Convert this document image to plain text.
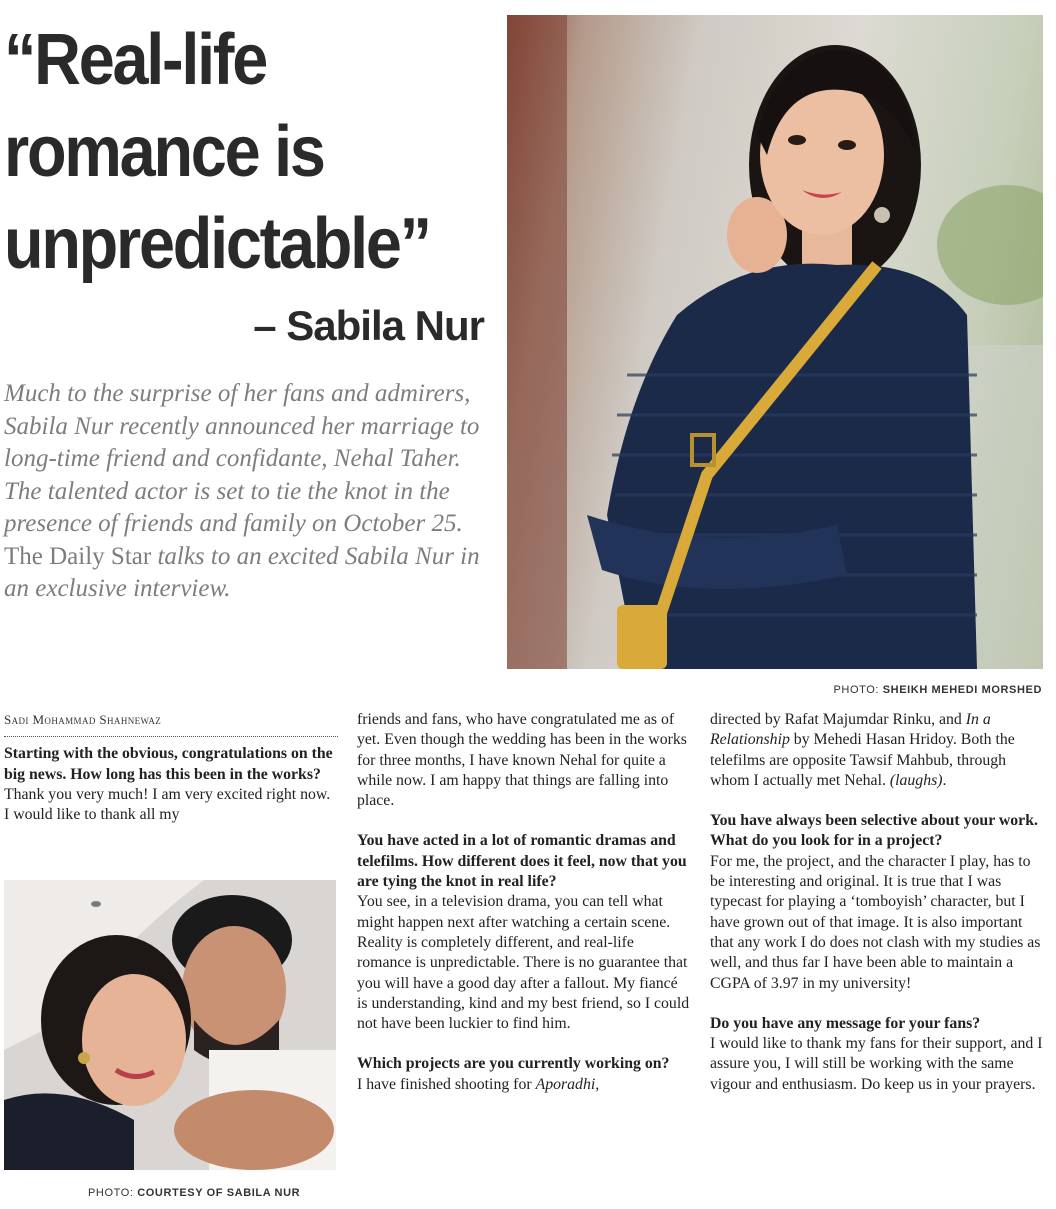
“Real-life
romance is
unpredictable”
– Sabila Nur

Much to the surprise of her fans and admirers, Sabila Nur recently announced her marriage to long-time friend and confidante, Nehal Taher. The talented actor is set to tie the knot in the presence of friends and family on October 25. The Daily Star talks to an excited Sabila Nur in an exclusive interview.

PHOTO: SHEIKH MEHEDI MORSHED
Sadi Mohammad Shahnewaz

Starting with the obvious, congratulations on the big news. How long has this been in the works?

Thank you very much! I am very excited right now. I would like to thank all my

PHOTO: COURTESY OF SABILA NUR

friends and fans, who have congratulated me as of yet. Even though the wedding has been in the works for three months, I have known Nehal for quite a while now. I am happy that things are falling into place.

You have acted in a lot of romantic dramas and telefilms. How different does it feel, now that you are tying the knot in real life?

You see, in a television drama, you can tell what might happen next after watching a certain scene. Reality is completely different, and real-life romance is unpredictable. There is no guarantee that you will have a good day after a fallout. My fiancé is understanding, kind and my best friend, so I could not have been luckier to find him.

Which projects are you currently working on?

I have finished shooting for Aporadhi,

directed by Rafat Majumdar Rinku, and In a Relationship by Mehedi Hasan Hridoy. Both the telefilms are opposite Tawsif Mahbub, through whom I actually met Nehal. (laughs).

You have always been selective about your work. What do you look for in a project?

For me, the project, and the character I play, has to be interesting and original. It is true that I was typecast for playing a ‘tomboyish’ character, but I have grown out of that image. It is also important that any work I do does not clash with my studies as well, and thus far I have been able to maintain a CGPA of 3.97 in my university!

Do you have any message for your fans?

I would like to thank my fans for their support, and I assure you, I will still be working with the same vigour and enthusiasm. Do keep us in your prayers.
